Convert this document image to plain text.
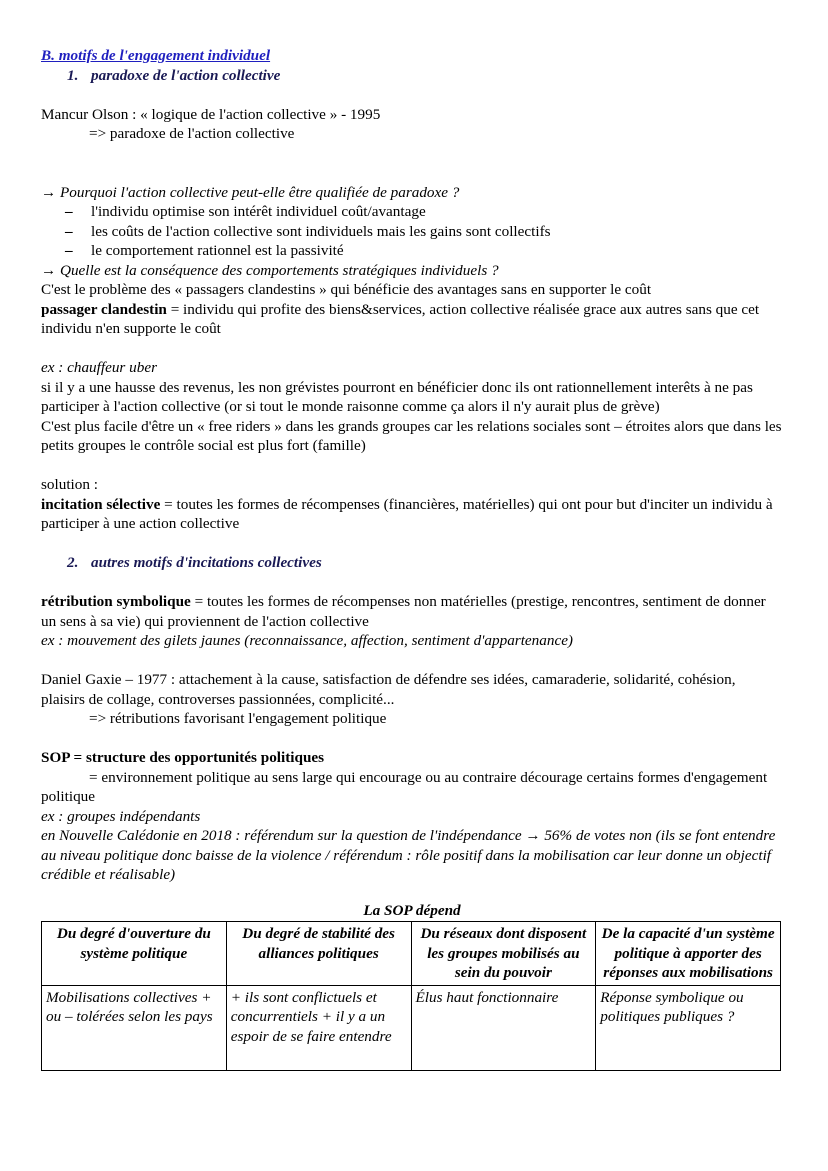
B. motifs de l'engagement individuel

1. paradoxe de l'action collective

Mancur Olson : « logique de l'action collective » - 1995

=> paradoxe de l'action collective

→ Pourquoi l'action collective peut-elle être qualifiée de paradoxe ?

– l'individu optimise son intérêt individuel coût/avantage
– les coûts de l'action collective sont individuels mais les gains sont collectifs
– le comportement rationnel est la passivité

→ Quelle est la conséquence des comportements stratégiques individuels ?

C'est le problème des « passagers clandestins » qui bénéficie des avantages sans en supporter le coût

passager clandestin = individu qui profite des biens&services, action collective réalisée grace aux autres sans que cet individu n'en supporte le coût

ex : chauffeur uber

si il y a une hausse des revenus, les non grévistes pourront en bénéficier donc ils ont rationnellement interêts à ne pas participer à l'action collective (or si tout le monde raisonne comme ça alors il n'y aurait plus de grève)

C'est plus facile d'être un « free riders » dans les grands groupes car les relations sociales sont – étroites alors que dans les petits groupes le contrôle social est plus fort (famille)

solution :

incitation sélective = toutes les formes de récompenses (financières, matérielles) qui ont pour but d'inciter un individu à participer à une action collective

2. autres motifs d'incitations collectives

rétribution symbolique = toutes les formes de récompenses non matérielles (prestige, rencontres, sentiment de donner un sens à sa vie) qui proviennent de l'action collective

ex : mouvement des gilets jaunes (reconnaissance, affection, sentiment d'appartenance)

Daniel Gaxie – 1977 : attachement à la cause, satisfaction de défendre ses idées, camaraderie, solidarité, cohésion, plaisirs de collage, controverses passionnées, complicité...

=> rétributions favorisant l'engagement politique

SOP = structure des opportunités politiques

= environnement politique au sens large qui encourage ou au contraire décourage certains formes d'engagement politique

ex : groupes indépendants

en Nouvelle Calédonie en 2018 : référendum sur la question de l'indépendance → 56% de votes non (ils se font entendre au niveau politique donc baisse de la violence / référendum : rôle positif dans la mobilisation car leur donne un objectif crédible et réalisable)

La SOP dépend

Du degré d'ouverture du système politique	Du degré de stabilité des alliances politiques	Du réseaux dont disposent les groupes mobilisés au sein du pouvoir	De la capacité d'un système politique à apporter des réponses aux mobilisations
Mobilisations collectives + ou – tolérées selon les pays	+ ils sont conflictuels et concurrentiels + il y a un espoir de se faire entendre	Élus haut fonctionnaire	Réponse symbolique ou politiques publiques ?
